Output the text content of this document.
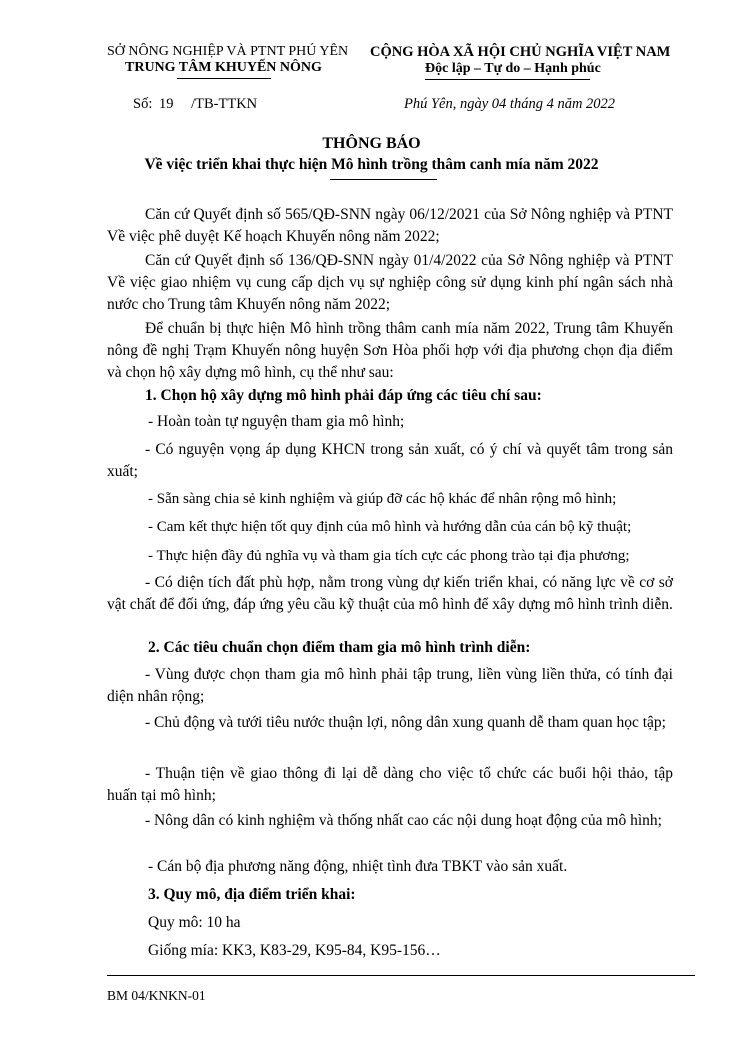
SỞ NÔNG NGHIỆP VÀ PTNT PHÚ YÊN
TRUNG TÂM KHUYẾN NÔNG
CỘNG HÒA XÃ HỘI CHỦ NGHĨA VIỆT NAM
Độc lập – Tự do – Hạnh phúc
Số: 19 /TB-TTKN	Phú Yên, ngày 04 tháng 4 năm 2022
THÔNG BÁO
Về việc triển khai thực hiện Mô hình trồng thâm canh mía năm 2022
Căn cứ Quyết định số 565/QĐ-SNN ngày 06/12/2021 của Sở Nông nghiệp và PTNT Về việc phê duyệt Kế hoạch Khuyến nông năm 2022;
Căn cứ Quyết định số 136/QĐ-SNN ngày 01/4/2022 của Sở Nông nghiệp và PTNT Về việc giao nhiệm vụ cung cấp dịch vụ sự nghiệp công sử dụng kinh phí ngân sách nhà nước cho Trung tâm Khuyến nông năm 2022;
Để chuẩn bị thực hiện Mô hình trồng thâm canh mía năm 2022, Trung tâm Khuyến nông đề nghị Trạm Khuyến nông huyện Sơn Hòa phối hợp với địa phương chọn địa điểm và chọn hộ xây dựng mô hình, cụ thể như sau:
1. Chọn hộ xây dựng mô hình phải đáp ứng các tiêu chí sau:
- Hoàn toàn tự nguyện tham gia mô hình;
- Có nguyện vọng áp dụng KHCN trong sản xuất, có ý chí và quyết tâm trong sản xuất;
- Sẵn sàng chia sẻ kinh nghiệm và giúp đỡ các hộ khác để nhân rộng mô hình;
- Cam kết thực hiện tốt quy định của mô hình và hướng dẫn của cán bộ kỹ thuật;
- Thực hiện đầy đủ nghĩa vụ và tham gia tích cực các phong trào tại địa phương;
- Có diện tích đất phù hợp, nằm trong vùng dự kiến triển khai, có năng lực về cơ sở vật chất để đối ứng, đáp ứng yêu cầu kỹ thuật của mô hình để xây dựng mô hình trình diễn.
2. Các tiêu chuẩn chọn điểm tham gia mô hình trình diễn:
- Vùng được chọn tham gia mô hình phải tập trung, liền vùng liền thửa, có tính đại diện nhân rộng;
- Chủ động và tưới tiêu nước thuận lợi, nông dân xung quanh dễ tham quan học tập;
- Thuận tiện về giao thông đi lại dễ dàng cho việc tổ chức các buổi hội thảo, tập huấn tại mô hình;
- Nông dân có kinh nghiệm và thống nhất cao các nội dung hoạt động của mô hình;
- Cán bộ địa phương năng động, nhiệt tình đưa TBKT vào sản xuất.
3. Quy mô, địa điểm triển khai:
Quy mô: 10 ha
Giống mía: KK3, K83-29, K95-84, K95-156…
BM 04/KNKN-01
